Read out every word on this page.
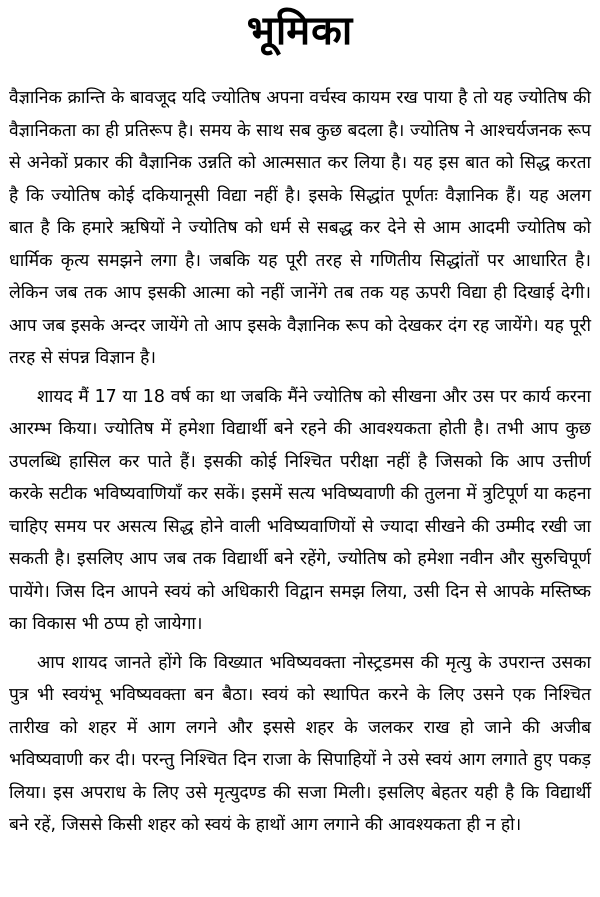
भूमिका

वैज्ञानिक क्रान्ति के बावजूद यदि ज्योतिष अपना वर्चस्व कायम रख पाया है तो यह ज्योतिष की वैज्ञानिकता का ही प्रतिरूप है। समय के साथ सब कुछ बदला है। ज्योतिष ने आश्चर्यजनक रूप से अनेकों प्रकार की वैज्ञानिक उन्नति को आत्मसात कर लिया है। यह इस बात को सिद्ध करता है कि ज्योतिष कोई दकियानूसी विद्या नहीं है। इसके सिद्धांत पूर्णतः वैज्ञानिक हैं। यह अलग बात है कि हमारे ऋषियों ने ज्योतिष को धर्म से सबद्ध कर देने से आम आदमी ज्योतिष को धार्मिक कृत्य समझने लगा है। जबकि यह पूरी तरह से गणितीय सिद्धांतों पर आधारित है। लेकिन जब तक आप इसकी आत्मा को नहीं जानेंगे तब तक यह ऊपरी विद्या ही दिखाई देगी। आप जब इसके अन्दर जायेंगे तो आप इसके वैज्ञानिक रूप को देखकर दंग रह जायेंगे। यह पूरी तरह से संपन्न विज्ञान है।

शायद मैं 17 या 18 वर्ष का था जबकि मैंने ज्योतिष को सीखना और उस पर कार्य करना आरम्भ किया। ज्योतिष में हमेशा विद्यार्थी बने रहने की आवश्यकता होती है। तभी आप कुछ उपलब्धि हासिल कर पाते हैं। इसकी कोई निश्चित परीक्षा नहीं है जिसको कि आप उत्तीर्ण करके सटीक भविष्यवाणियाँ कर सकें। इसमें सत्य भविष्यवाणी की तुलना में त्रुटिपूर्ण या कहना चाहिए समय पर असत्य सिद्ध होने वाली भविष्यवाणियों से ज्यादा सीखने की उम्मीद रखी जा सकती है। इसलिए आप जब तक विद्यार्थी बने रहेंगे, ज्योतिष को हमेशा नवीन और सुरुचिपूर्ण पायेंगे। जिस दिन आपने स्वयं को अधिकारी विद्वान समझ लिया, उसी दिन से आपके मस्तिष्क का विकास भी ठप्प हो जायेगा।

आप शायद जानते होंगे कि विख्यात भविष्यवक्ता नोस्ट्रडमस की मृत्यु के उपरान्त उसका पुत्र भी स्वयंभू भविष्यवक्ता बन बैठा। स्वयं को स्थापित करने के लिए उसने एक निश्चित तारीख को शहर में आग लगने और इससे शहर के जलकर राख हो जाने की अजीब भविष्यवाणी कर दी। परन्तु निश्चित दिन राजा के सिपाहियों ने उसे स्वयं आग लगाते हुए पकड़ लिया। इस अपराध के लिए उसे मृत्युदण्ड की सजा मिली। इसलिए बेहतर यही है कि विद्यार्थी बने रहें, जिससे किसी शहर को स्वयं के हाथों आग लगाने की आवश्यकता ही न हो।
